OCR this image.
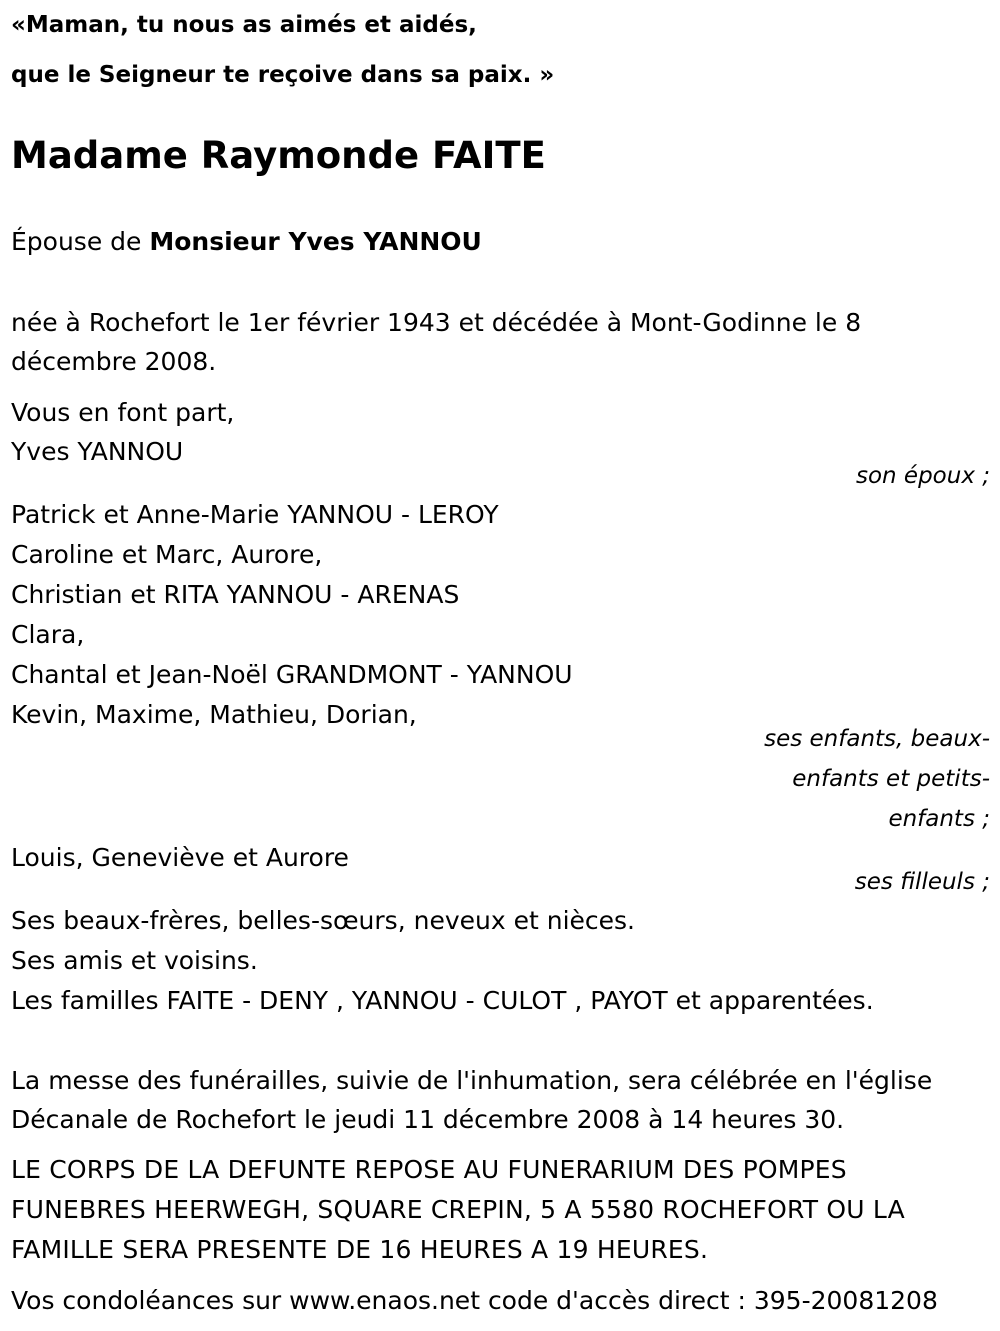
«Maman, tu nous as aimés et aidés,
que le Seigneur te reçoive dans sa paix. »
Madame Raymonde FAITE
Épouse de Monsieur Yves YANNOU
née à Rochefort le 1er février 1943 et décédée à Mont-Godinne le 8
décembre 2008.
Vous en font part,
Yves YANNOU
son époux ;
Patrick et Anne-Marie YANNOU - LEROY
Caroline et Marc, Aurore,
Christian et RITA YANNOU - ARENAS
Clara,
Chantal et Jean-Noël GRANDMONT - YANNOU
Kevin, Maxime, Mathieu, Dorian,
ses enfants, beaux-
enfants et petits-
enfants ;
Louis, Geneviève et Aurore
ses filleuls ;
Ses beaux-frères, belles-sœurs, neveux et nièces.
Ses amis et voisins.
Les familles FAITE - DENY , YANNOU - CULOT , PAYOT et apparentées.
La messe des funérailles, suivie de l'inhumation, sera célébrée en l'église
Décanale de Rochefort le jeudi 11 décembre 2008 à 14 heures 30.
LE CORPS DE LA DEFUNTE REPOSE AU FUNERARIUM DES POMPES
FUNEBRES HEERWEGH, SQUARE CREPIN, 5 A 5580 ROCHEFORT OU LA
FAMILLE SERA PRESENTE DE 16 HEURES A 19 HEURES.
Vos condoléances sur www.enaos.net code d'accès direct : 395-20081208
